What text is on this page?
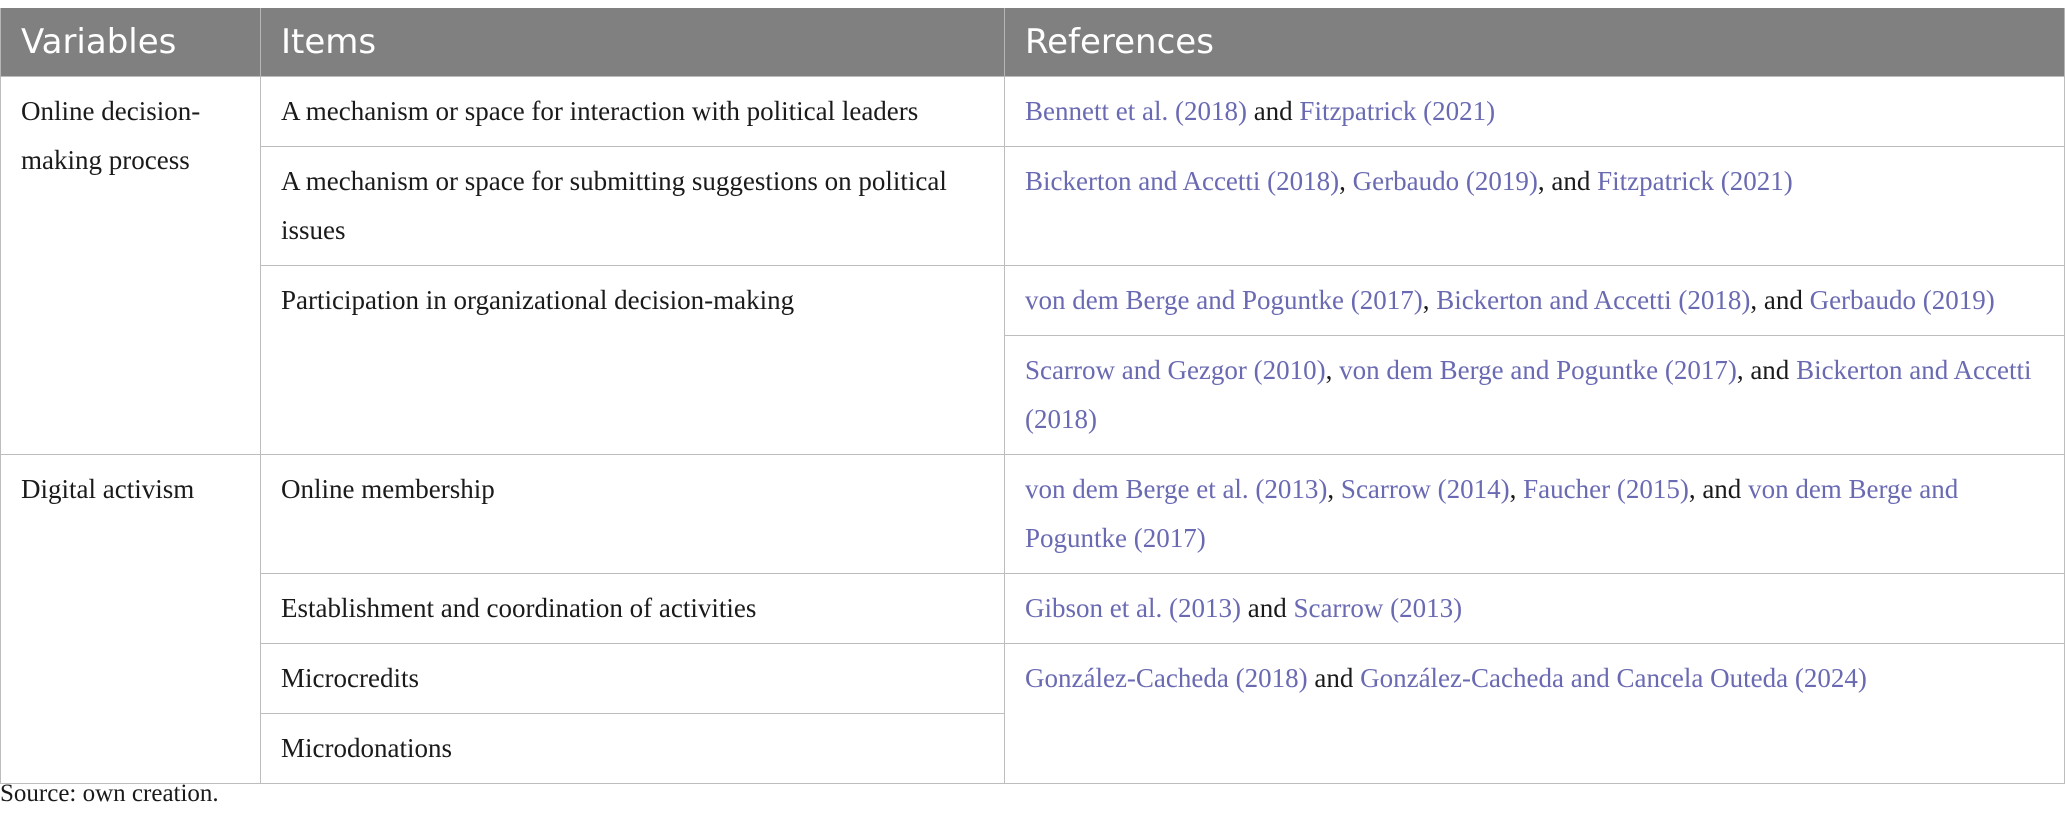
Variables	Items	References
Online decision-making process	A mechanism or space for interaction with political leaders	Bennett et al. (2018) and Fitzpatrick (2021)
	A mechanism or space for submitting suggestions on political issues	Bickerton and Accetti (2018), Gerbaudo (2019), and Fitzpatrick (2021)
	Participation in organizational decision-making	von dem Berge and Poguntke (2017), Bickerton and Accetti (2018), and Gerbaudo (2019)
		Scarrow and Gezgor (2010), von dem Berge and Poguntke (2017), and Bickerton and Accetti (2018)
Digital activism	Online membership	von dem Berge et al. (2013), Scarrow (2014), Faucher (2015), and von dem Berge and Poguntke (2017)
	Establishment and coordination of activities	Gibson et al. (2013) and Scarrow (2013)
	Microcredits	González-Cacheda (2018) and González-Cacheda and Cancela Outeda (2024)
	Microdonations	
Source: own creation.
